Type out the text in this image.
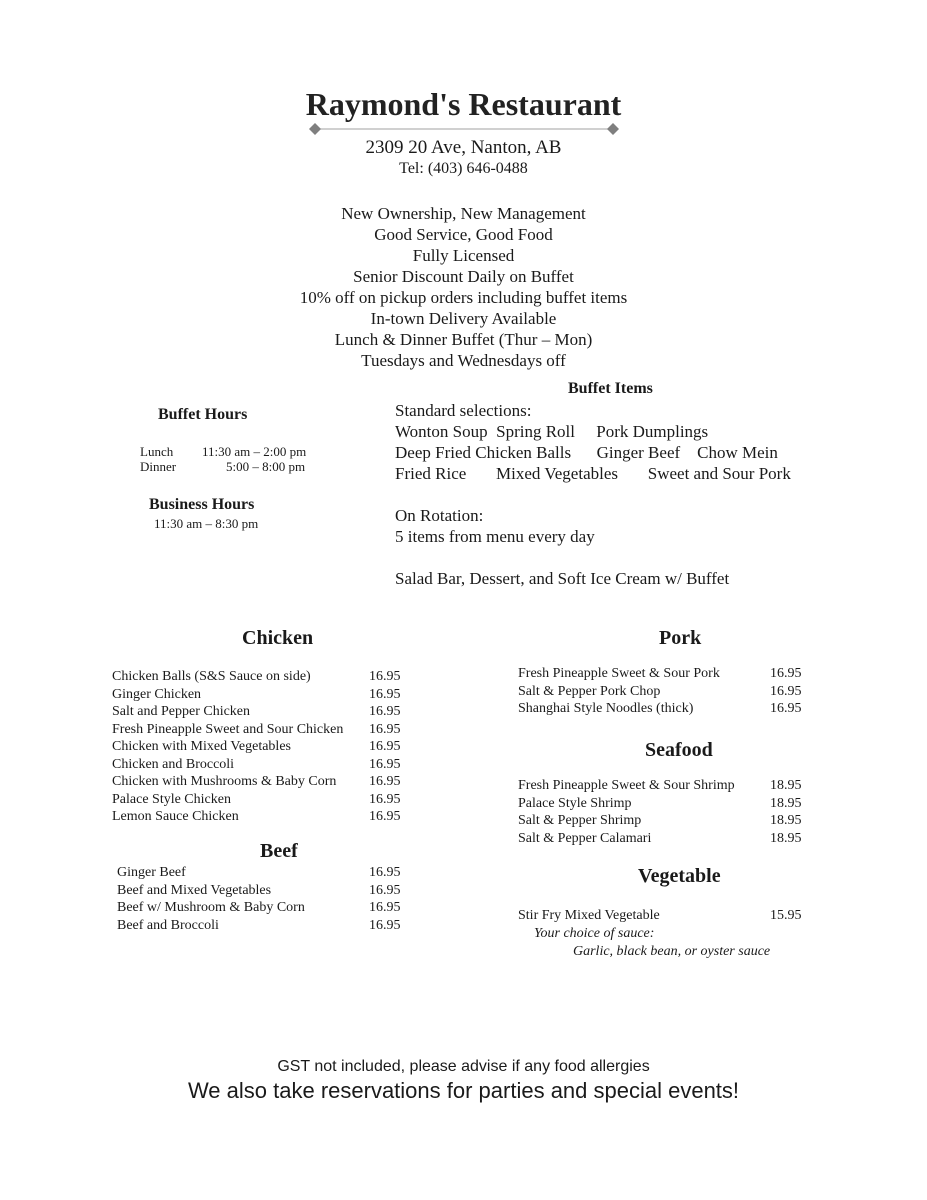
Raymond's Restaurant
2309 20 Ave, Nanton, AB
Tel: (403) 646-0488
New Ownership, New Management
Good Service, Good Food
Fully Licensed
Senior Discount Daily on Buffet
10% off on pickup orders including buffet items
In-town Delivery Available
Lunch & Dinner Buffet (Thur – Mon)
Tuesdays and Wednesdays off
Buffet Hours
Lunch 11:30 am – 2:00 pm
Dinner	5:00 – 8:00 pm
Business Hours
11:30 am – 8:30 pm
Buffet Items
Standard selections:
Wonton Soup  Spring Roll     Pork Dumplings
Deep Fried Chicken Balls      Ginger Beef    Chow Mein
Fried Rice       Mixed Vegetables       Sweet and Sour Pork
On Rotation:
5 items from menu every day
Salad Bar, Dessert, and Soft Ice Cream w/ Buffet
Chicken
Chicken Balls (S&S Sauce on side)	16.95
Ginger Chicken	16.95
Salt and Pepper Chicken	16.95
Fresh Pineapple Sweet and Sour Chicken 16.95
Chicken with Mixed Vegetables	16.95
Chicken and Broccoli	16.95
Chicken with Mushrooms & Baby Corn 16.95
Palace Style Chicken	16.95
Lemon Sauce Chicken	16.95
Beef
Ginger Beef	16.95
Beef and Mixed Vegetables	16.95
Beef w/ Mushroom & Baby Corn	16.95
Beef and Broccoli	16.95
Pork
Fresh Pineapple Sweet & Sour Pork	16.95
Salt & Pepper Pork Chop	16.95
Shanghai Style Noodles (thick)	16.95
Seafood
Fresh Pineapple Sweet & Sour Shrimp	18.95
Palace Style Shrimp	18.95
Salt & Pepper Shrimp	18.95
Salt & Pepper Calamari	18.95
Vegetable
Stir Fry Mixed Vegetable	15.95
Your choice of sauce:
Garlic, black bean, or oyster sauce
GST not included, please advise if any food allergies
We also take reservations for parties and special events!
